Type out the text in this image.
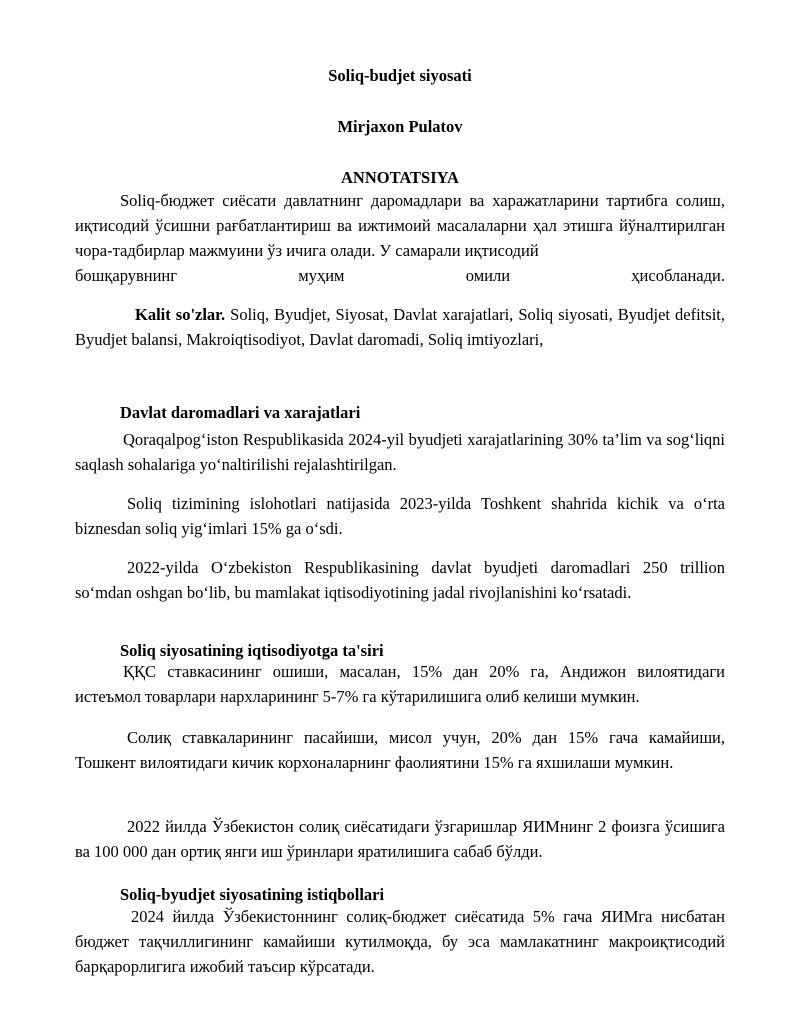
Soliq-budjet siyosati
Mirjaxon Pulatov
ANNOTATSIYA
Soliq-бюджет сиёсати давлатнинг даромадлари ва харажатларини тартибга солиш, иқтисодий ўсишни рағбатлантириш ва ижтимоий масалаларни ҳал этишга йўналтирилган чора-тадбирлар мажмуини ўз ичига олади. У самарали иқтисодий
бошқарувнинг муҳим омили ҳисобланади.
Kalit so'zlar. Soliq, Byudjet, Siyosat, Davlat xarajatlari, Soliq siyosati, Byudjet defitsit, Byudjet balansi, Makroiqtisodiyot, Davlat daromadi, Soliq imtiyozlari,
Davlat daromadlari va xarajatlari
Qoraqalpog‘iston Respublikasida 2024-yil byudjeti xarajatlarining 30% ta’lim va sog‘liqni saqlash sohalariga yo‘naltirilishi rejalashtirilgan.
Soliq tizimining islohotlari natijasida 2023-yilda Toshkent shahrida kichik va o‘rta biznesdan soliq yig‘imlari 15% ga o‘sdi.
2022-yilda O‘zbekiston Respublikasining davlat byudjeti daromadlari 250 trillion so‘mdan oshgan bo‘lib, bu mamlakat iqtisodiyotining jadal rivojlanishini ko‘rsatadi.
Soliq siyosatining iqtisodiyotga ta'siri
ҚҚС ставкасининг ошиши, масалан, 15% дан 20% га, Андижон вилоятидаги истеъмол товарлари нархларининг 5-7% га кўтарилишига олиб келиши мумкин.
Солиқ ставкаларининг пасайиши, мисол учун, 20% дан 15% гача камайиши, Тошкент вилоятидаги кичик корхоналарнинг фаолиятини 15% га яхшилаши мумкин.
2022 йилда Ўзбекистон солиқ сиёсатидаги ўзгаришлар ЯИМнинг 2 фоизга ўсишига ва 100 000 дан ортиқ янги иш ўринлари яратилишига сабаб бўлди.
Soliq-byudjet siyosatining istiqbollari
2024 йилда Ўзбекистоннинг солиқ-бюджет сиёсатида 5% гача ЯИМга нисбатан бюджет тақчиллигининг камайиши кутилмоқда, бу эса мамлакатнинг макроиқтисодий барқарорлигига ижобий таъсир кўрсатади.
